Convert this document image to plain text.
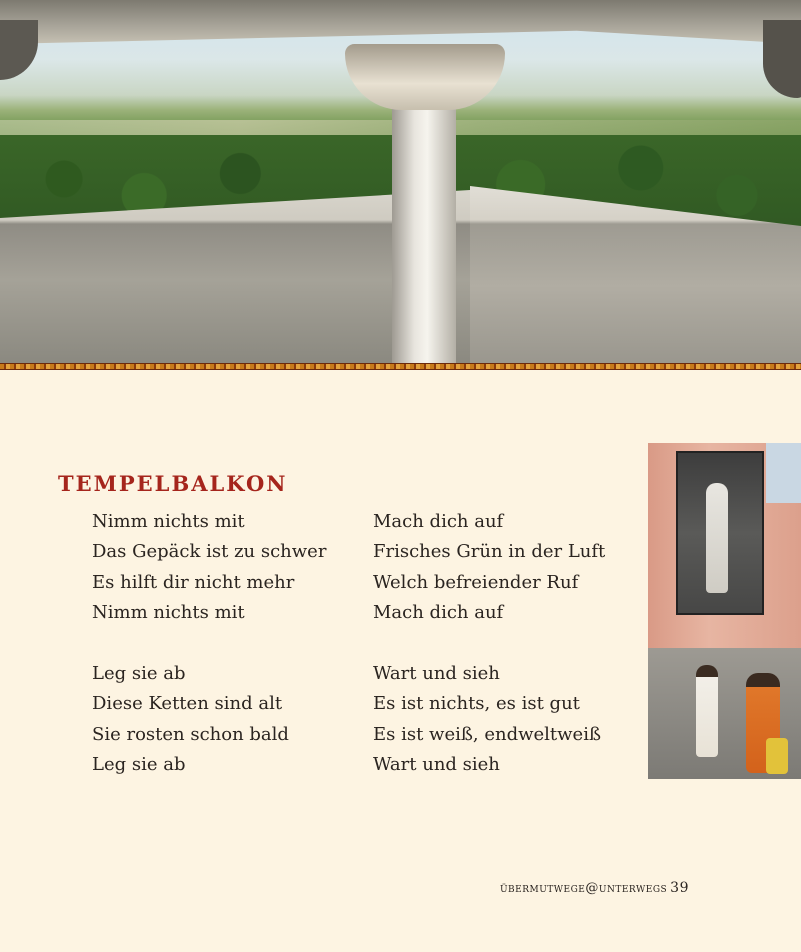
tempelbalkon
Nimm nichts mit
Das Gepäck ist zu schwer
Es hilft dir nicht mehr
Nimm nichts mit
Leg sie ab
Diese Ketten sind alt
Sie rosten schon bald
Leg sie ab
Mach dich auf
Frisches Grün in der Luft
Welch befreiender Ruf
Mach dich auf
Wart und sieh
Es ist nichts, es ist gut
Es ist weiß, endweltweiß
Wart und sieh
übermutwege@unterwegs 39
